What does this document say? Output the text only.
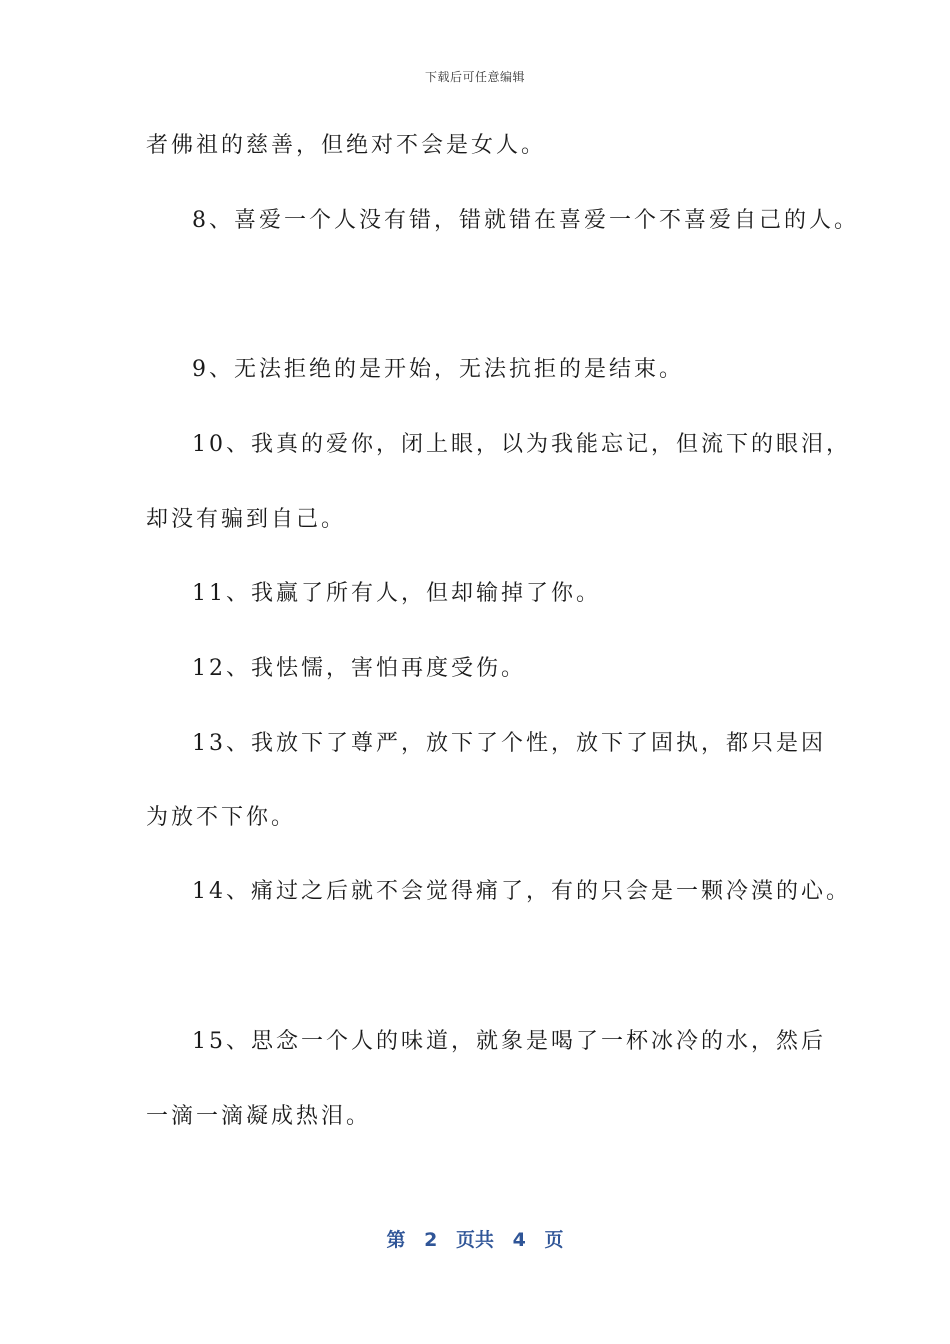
下载后可任意编辑
者佛祖的慈善，但绝对不会是女人。
8、喜爱一个人没有错，错就错在喜爱一个不喜爱自己的人。
9、无法拒绝的是开始，无法抗拒的是结束。
10、我真的爱你，闭上眼，以为我能忘记，但流下的眼泪，
却没有骗到自己。
11、我赢了所有人，但却输掉了你。
12、我怯懦，害怕再度受伤。
13、我放下了尊严，放下了个性，放下了固执，都只是因
为放不下你。
14、痛过之后就不会觉得痛了，有的只会是一颗冷漠的心。
15、思念一个人的味道，就象是喝了一杯冰冷的水，然后
一滴一滴凝成热泪。
第 2 页共 4 页
